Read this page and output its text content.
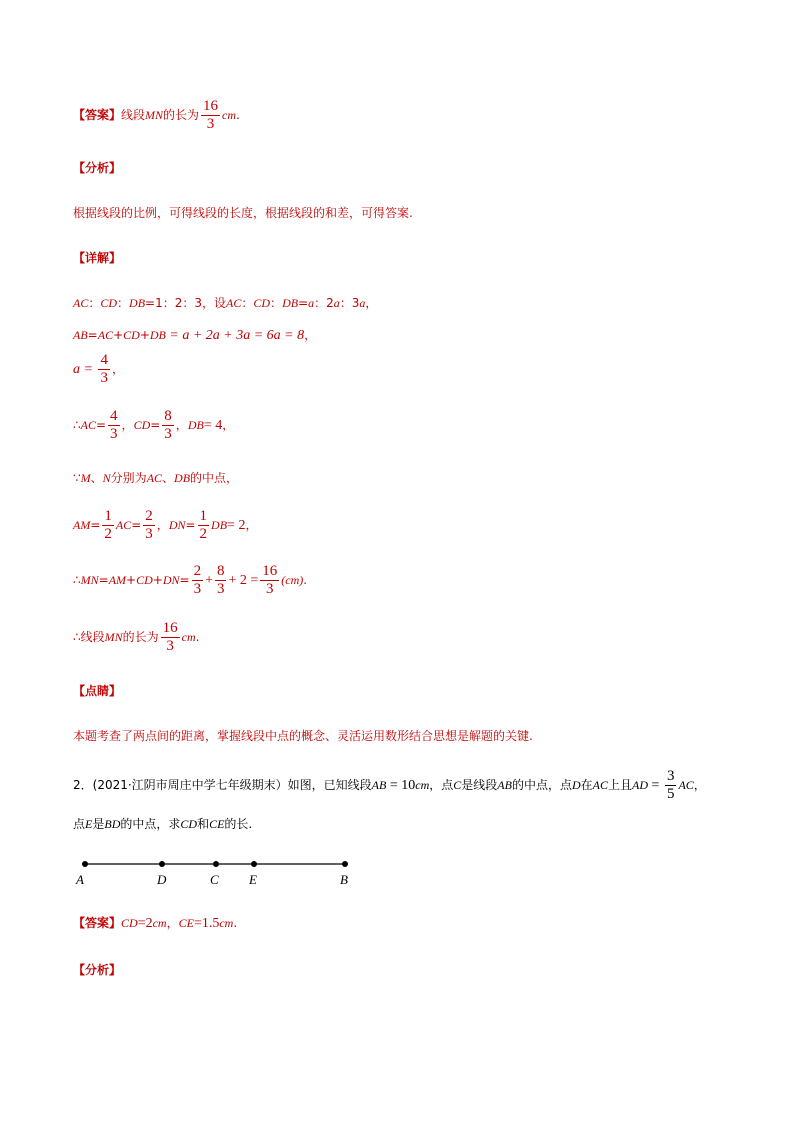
【答案】线段MN的长为 $\frac{16}{3}$ cm.
【分析】
根据线段的比例，可得线段的长度，根据线段的和差，可得答案.
【详解】
AC：CD：DB=1：2：3，设AC：CD：DB=a：2a：3a，
AB=AC+CD+DB = a + 2a + 3a = 6a = 8，
$a = \frac{4}{3}$ ，
∴AC= $\frac{4}{3}$ ，$CD= \frac{8}{3}$ ，DB= 4，
∵M、N分别为AC、DB的中点，
$AM= \frac{1}{2} AC= \frac{2}{3}$ ，$DN= \frac{1}{2} DB= 2$，
∴MN=AM+CD+DN= $\frac{2}{3} + \frac{8}{3} + 2 = \frac{16}{3} (cm)$.
∴线段MN的长为 $\frac{16}{3}$ cm.
【点睛】
本题考查了两点间的距离，掌握线段中点的概念、灵活运用数形结合思想是解题的关键.
2．(2021·江阴市周庄中学七年级期末）如图，已知线段AB = 10cm，点C是线段AB的中点，点D在AC上且AD = $\frac{3}{5}$ AC，
点E是BD的中点，求CD和CE的长.
A	D	C E	B
【答案】CD=2cm，CE=1.5cm.
【分析】
